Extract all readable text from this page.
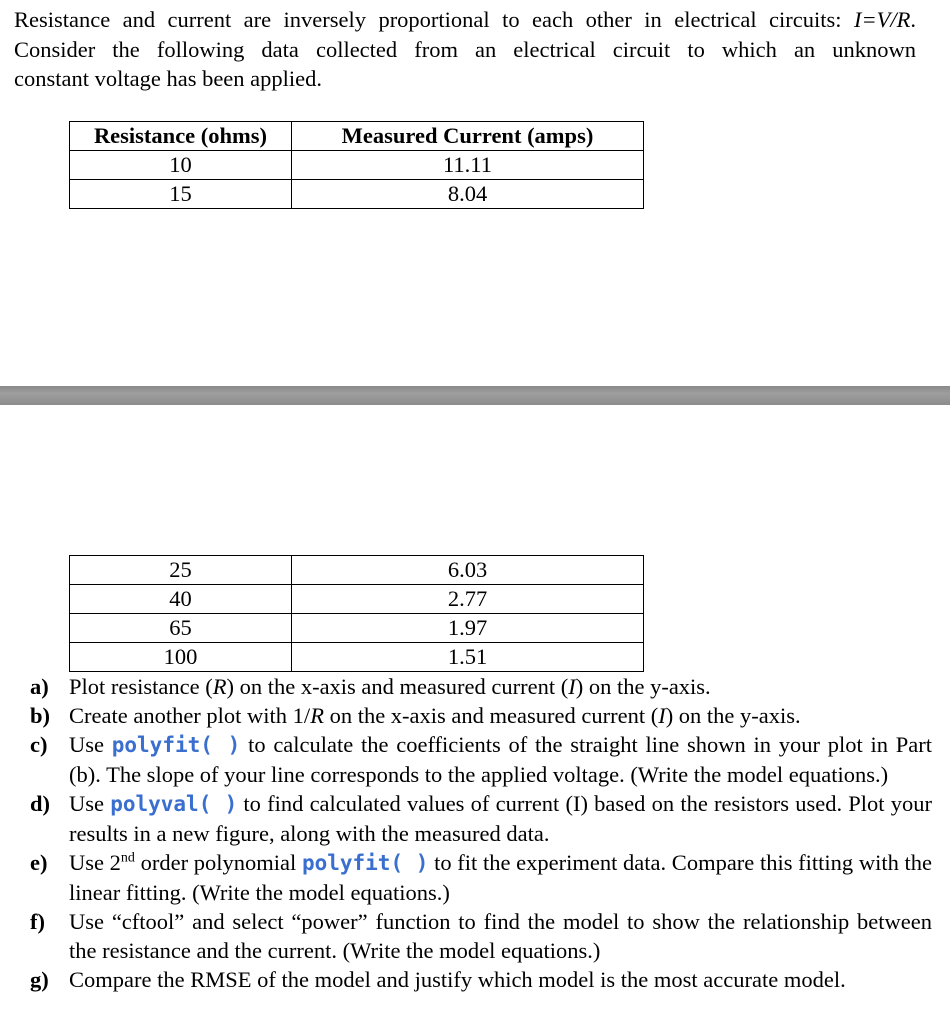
Resistance and current are inversely proportional to each other in electrical circuits: I=V/R.
Consider the following data collected from an electrical circuit to which an unknown
constant voltage has been applied.
Resistance (ohms)	Measured Current (amps)
10	11.11
15	8.04
25	6.03
40	2.77
65	1.97
100	1.51
a) Plot resistance (R) on the x-axis and measured current (I) on the y-axis.
b) Create another plot with 1/R on the x-axis and measured current (I) on the y-axis.
c) Use polyfit( ) to calculate the coefficients of the straight line shown in your plot in Part (b). The slope of your line corresponds to the applied voltage. (Write the model equations.)
d) Use polyval( ) to find calculated values of current (I) based on the resistors used. Plot your results in a new figure, along with the measured data.
e) Use 2nd order polynomial polyfit( ) to fit the experiment data. Compare this fitting with the linear fitting. (Write the model equations.)
f) Use “cftool” and select “power” function to find the model to show the relationship between the resistance and the current. (Write the model equations.)
g) Compare the RMSE of the model and justify which model is the most accurate model.
